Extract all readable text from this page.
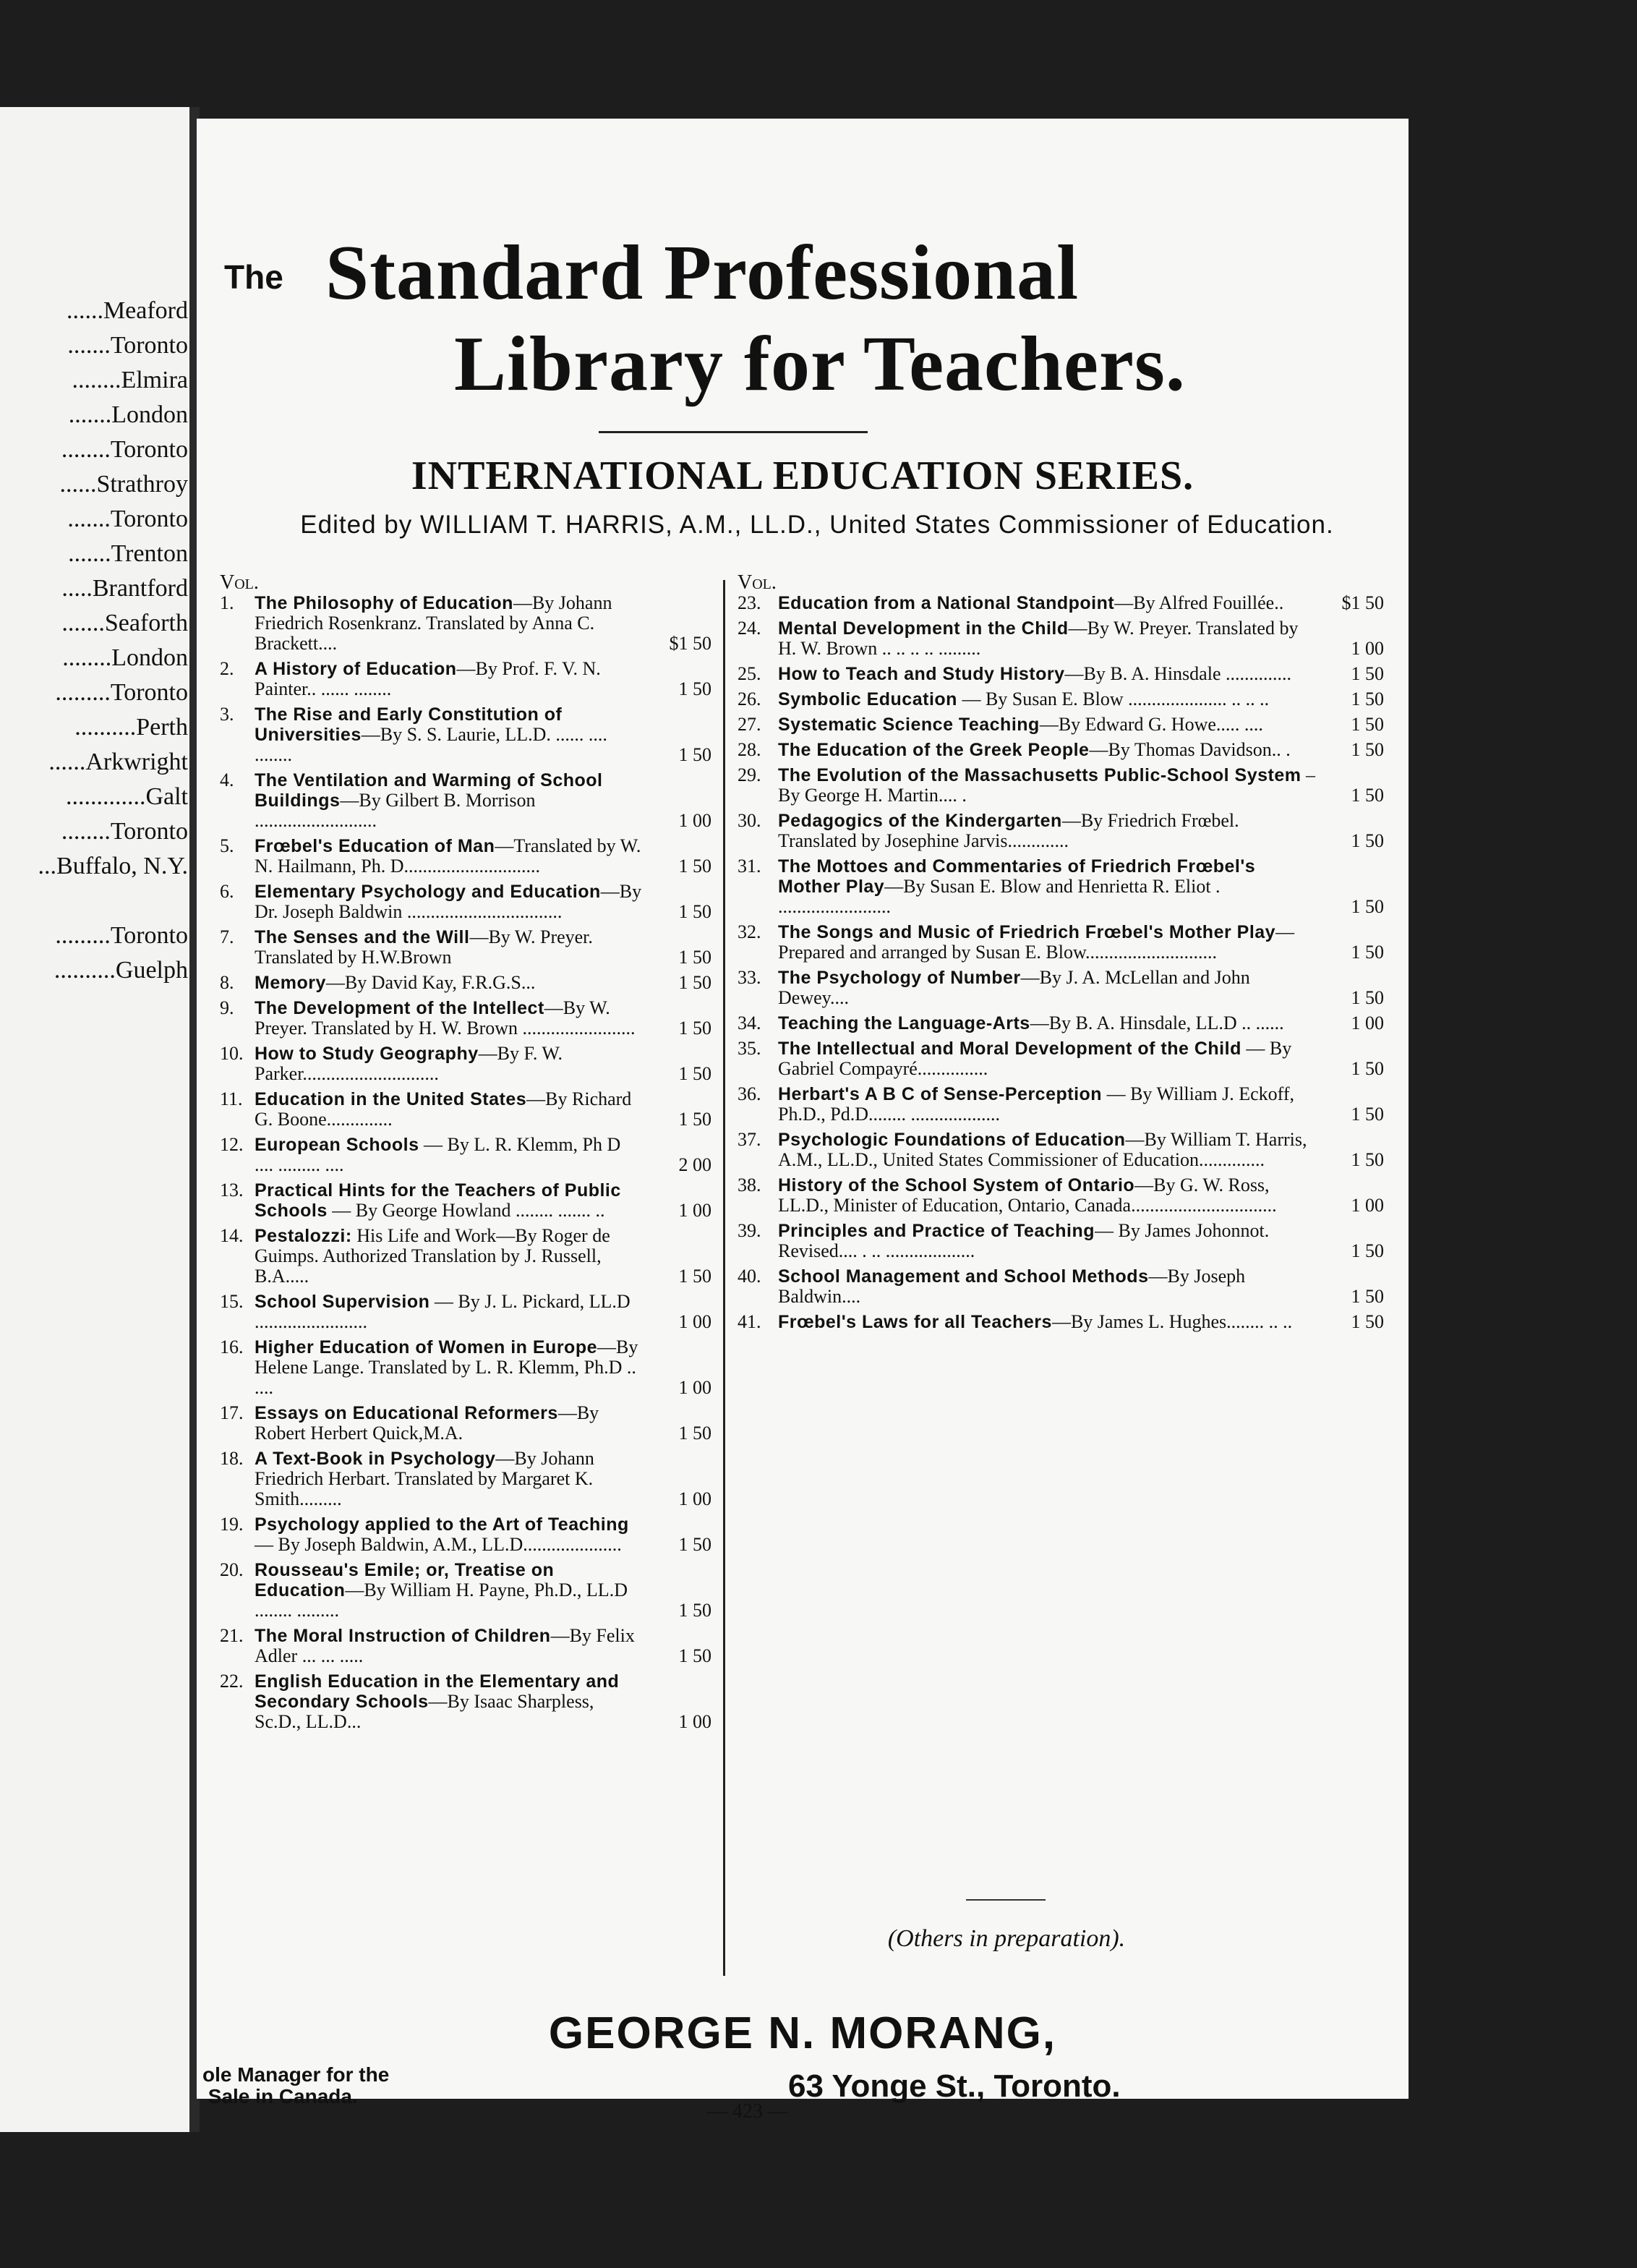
......Meaford
.......Toronto
........Elmira
.......London
........Toronto
......Strathroy
.......Toronto
.......Trenton
.....Brantford
.......Seaforth
........London
.........Toronto
..........Perth
......Arkwright
.............Galt
........Toronto
...Buffalo, N.Y.
.........Toronto
..........Guelph
The Standard Professional
Library for Teachers.
INTERNATIONAL EDUCATION SERIES.
Edited by WILLIAM T. HARRIS, A.M., LL.D., United States Commissioner of Education.
Vol.	Vol.
1.	The Philosophy of Education—By Johann Friedrich Rosenkranz. Translated by Anna C. Brackett....	$1 50
2.	A History of Education—By Prof. F. V. N. Painter.. ...... ........	1 50
3.	The Rise and Early Constitution of Universities—By S. S. Laurie, LL.D. ...... .... ........	1 50
4.	The Ventilation and Warming of School Buildings—By Gilbert B. Morrison ..........................	1 00
5.	Frœbel's Education of Man—Translated by W. N. Hailmann, Ph. D.............................	1 50
6.	Elementary Psychology and Education—By Dr. Joseph Baldwin .................................	1 50
7.	The Senses and the Will—By W. Preyer. Translated by H.W.Brown	1 50
8.	Memory—By David Kay, F.R.G.S...	1 50
9.	The Development of the Intellect—By W. Preyer. Translated by H. W. Brown ........................	1 50
10. How to Study Geography—By F. W. Parker.............................	1 50
11. Education in the United States—By Richard G. Boone..............	1 50
12. European Schools — By L. R. Klemm, Ph D .... ......... ....	2 00
13. Practical Hints for the Teachers of Public Schools — By George Howland ........ ....... ..	1 00
14. Pestalozzi: His Life and Work—By Roger de Guimps. Authorized Translation by J. Russell, B.A.....	1 50
15. School Supervision — By J. L. Pickard, LL.D ........................	1 00
16. Higher Education of Women in Europe—By Helene Lange. Translated by L. R. Klemm, Ph.D .. ....	1 00
17. Essays on Educational Reformers—By Robert Herbert Quick,M.A.	1 50
18. A Text-Book in Psychology—By Johann Friedrich Herbart. Translated by Margaret K. Smith.........	1 00
19. Psychology applied to the Art of Teaching — By Joseph Baldwin, A.M., LL.D.....................	1 50
20. Rousseau's Emile; or, Treatise on Education—By William H. Payne, Ph.D., LL.D ........ .........	1 50
21. The Moral Instruction of Children—By Felix Adler ... ... .....	1 50
22. English Education in the Elementary and Secondary Schools—By Isaac Sharpless, Sc.D., LL.D...	1 00
23. Education from a National Standpoint—By Alfred Fouillée..	$1 50
24. Mental Development in the Child—By W. Preyer. Translated by H. W. Brown .. .. .. .. .........	1 00
25. How to Teach and Study History—By B. A. Hinsdale ..............	1 50
26. Symbolic Education — By Susan E. Blow ..................... .. .. ..	1 50
27. Systematic Science Teaching—By Edward G. Howe..... ....	1 50
28. The Education of the Greek People—By Thomas Davidson.. .	1 50
29. The Evolution of the Massachusetts Public-School System –By George H. Martin.... .	1 50
30. Pedagogics of the Kindergarten—By Friedrich Frœbel. Translated by Josephine Jarvis.............	1 50
31. The Mottoes and Commentaries of Friedrich Frœbel's Mother Play—By Susan E. Blow and Henrietta R. Eliot . ........................	1 50
32. The Songs and Music of Friedrich Frœbel's Mother Play—Prepared and arranged by Susan E. Blow............................	1 50
33. The Psychology of Number—By J. A. McLellan and John Dewey....	1 50
34. Teaching the Language-Arts—By B. A. Hinsdale, LL.D .. ......	1 00
35. The Intellectual and Moral Development of the Child — By Gabriel Compayré...............	1 50
36. Herbart's A B C of Sense-Perception — By William J. Eckoff, Ph.D., Pd.D........ ...................	1 50
37. Psychologic Foundations of Education—By William T. Harris, A.M., LL.D., United States Commissioner of Education..............	1 50
38. History of the School System of Ontario—By G. W. Ross, LL.D., Minister of Education, Ontario, Canada...............................	1 00
39. Principles and Practice of Teaching— By James Johonnot. Revised.... . .. ...................	1 50
40. School Management and School Methods—By Joseph Baldwin....	1 50
41. Frœbel's Laws for all Teachers—By James L. Hughes........ .. ..	1 50
(Others in preparation).
GEORGE N. MORANG,
ole Manager for the
Sale in Canada.	63 Yonge St., Toronto.
— 423 —
